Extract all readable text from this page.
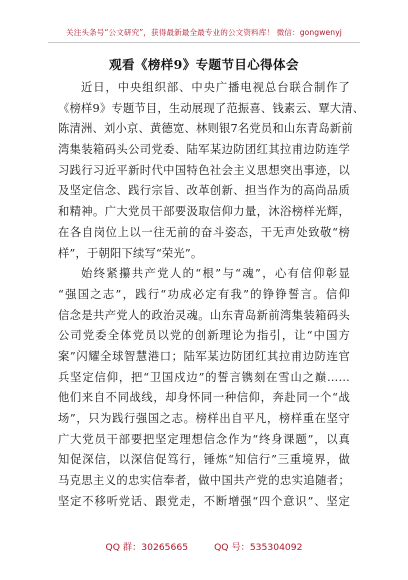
关注头条号“公文研究”，获得最新最全最专业的公文资料库！ 微信：gongwenyj
观看《榜样9》专题节目心得体会
近日，中央组织部、中央广播电视总台联合制作了
《榜样9》专题节目，生动展现了范振喜、钱素云、覃大清、
陈清洲、刘小京、黄德宽、林则银7名党员和山东青岛新前
湾集装箱码头公司党委、陆军某边防团红其拉甫边防连学
习践行习近平新时代中国特色社会主义思想突出事迹，以
及坚定信念、践行宗旨、改革创新、担当作为的高尚品质
和精神。广大党员干部要汲取信仰力量，沐浴榜样光辉，
在各自岗位上以一往无前的奋斗姿态，干无声处致敬“榜
样”，于朝阳下续写“荣光”。
始终紧攥共产党人的“根”与“魂”，心有信仰彰显
“强国之志”，践行“功成必定有我”的铮铮誓言。信仰
信念是共产党人的政治灵魂。山东青岛新前湾集装箱码头
公司党委全体党员以党的创新理论为指引，让“中国方
案”闪耀全球智慧港口；陆军某边防团红其拉甫边防连官
兵坚定信仰，把“卫国戍边”的誓言镌刻在雪山之巅……
他们来自不同战线，却身怀同一种信仰，奔赴同一个“战
场”，只为践行强国之志。榜样出自平凡，榜样重在坚守
广大党员干部要把坚定理想信念作为“终身课题”，以真
知促深信，以深信促笃行，锤炼“知信行”三重境界，做
马克思主义的忠实信奉者，做中国共产党的忠实追随者；
坚定不移听党话、跟党走，不断增强“四个意识”、坚定
QQ 群：30265665	QQ 号：535304092
